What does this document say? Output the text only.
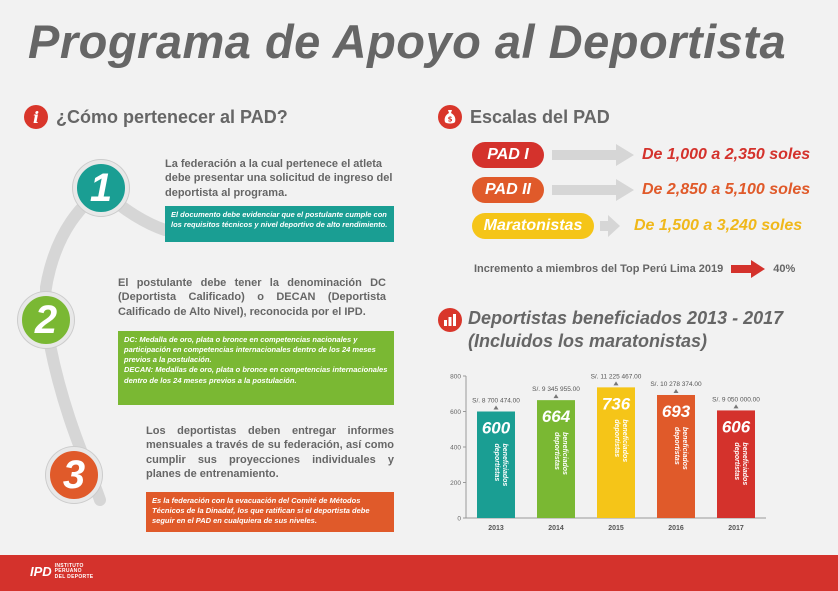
Programa de Apoyo al Deportista
i ¿Cómo pertenecer al PAD?
1
La federación a la cual pertenece el atleta debe presentar una solicitud de ingreso del deportista al programa.
El documento debe evidenciar que el postulante cumple con los requisitos técnicos y nivel deportivo de alto rendimiento.
2
El postulante debe tener la denominación DC (Deportista Calificado) o DECAN (Deportista Calificado de Alto Nivel), reconocida por el IPD.
DC: Medalla de oro, plata o bronce en competencias nacionales y participación en competencias internacionales dentro de los 24 meses previos a la postulación.
DECAN: Medallas de oro, plata o bronce en competencias internacionales dentro de los 24 meses previos a la postulación.
3
Los deportistas deben entregar informes mensuales a través de su federación, así como cumplir sus proyecciones individuales y planes de entrenamiento.
Es la federación con la evacuación del Comité de Métodos Técnicos de la Dinadaf, los que ratifican si el deportista debe seguir en el PAD en cualquiera de sus niveles.
$ Escalas del PAD
PAD I	De 1,000 a 2,350 soles
PAD II	De 2,850 a 5,100 soles
Maratonistas	De 1,500 a 3,240 soles
Incremento a miembros del Top Perú Lima 2019	40%
Deportistas beneficiados 2013 - 2017
(Incluidos los maratonistas)
0
200
400
600
800
S/. 8 700 474.00
600
deportistasbeneficiados
2013
S/. 9 345 955.00
664
deportistasbeneficiados
2014
S/. 11 225 467.00
736
deportistasbeneficiados
2015
S/. 10 278 374.00
693
deportistasbeneficiados
2016
S/. 9 050 000.00
606
deportistasbeneficiados
2017
IPD INSTITUTO
PERUANO
DEL DEPORTE
